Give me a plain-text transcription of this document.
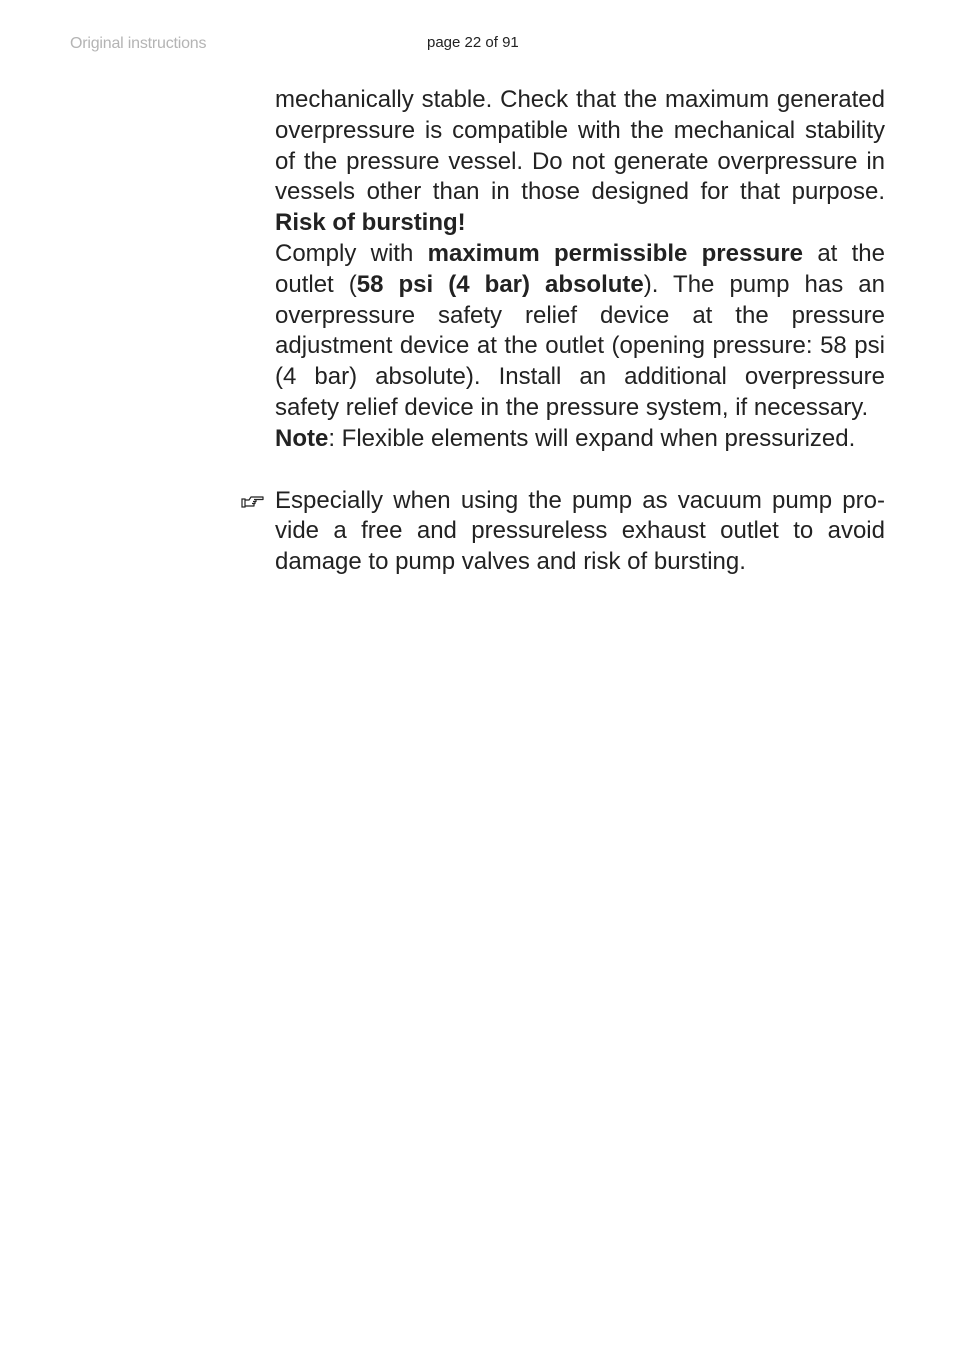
Original instructions	page 22 of 91

mechanically stable. Check that the maximum generated overpressure is compatible with the mechanical stability of the pressure vessel. Do not generate overpressure in vessels other than in those designed for that purpose. Risk of bursting!

Comply with maximum permissible pressure at the outlet (58 psi (4 bar) absolute). The pump has an overpressure safety relief device at the pressure adjustment device at the outlet (opening pressure: 58 psi (4 bar) absolute). Install an additional overpressure safety relief device in the pressure system, if necessary.

Note: Flexible elements will expand when pressurized.

Especially when using the pump as vacuum pump provide a free and pressureless exhaust outlet to avoid damage to pump valves and risk of bursting.
